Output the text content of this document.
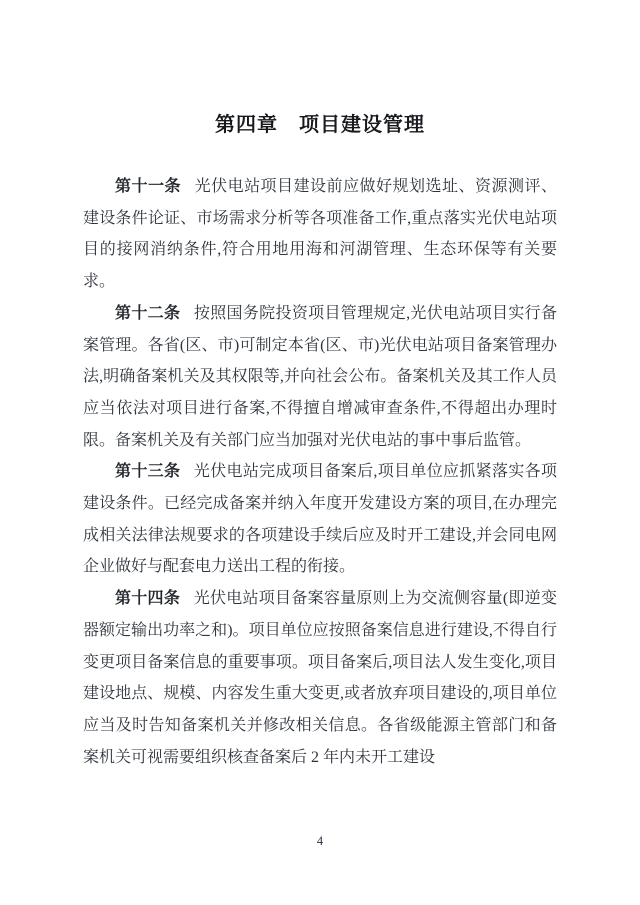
第四章　项目建设管理

第十一条 光伏电站项目建设前应做好规划选址、资源测评、建设条件论证、市场需求分析等各项准备工作,重点落实光伏电站项目的接网消纳条件,符合用地用海和河湖管理、生态环保等有关要求。

第十二条 按照国务院投资项目管理规定,光伏电站项目实行备案管理。各省(区、市)可制定本省(区、市)光伏电站项目备案管理办法,明确备案机关及其权限等,并向社会公布。备案机关及其工作人员应当依法对项目进行备案,不得擅自增减审查条件,不得超出办理时限。备案机关及有关部门应当加强对光伏电站的事中事后监管。

第十三条 光伏电站完成项目备案后,项目单位应抓紧落实各项建设条件。已经完成备案并纳入年度开发建设方案的项目,在办理完成相关法律法规要求的各项建设手续后应及时开工建设,并会同电网企业做好与配套电力送出工程的衔接。

第十四条 光伏电站项目备案容量原则上为交流侧容量(即逆变器额定输出功率之和)。项目单位应按照备案信息进行建设,不得自行变更项目备案信息的重要事项。项目备案后,项目法人发生变化,项目建设地点、规模、内容发生重大变更,或者放弃项目建设的,项目单位应当及时告知备案机关并修改相关信息。各省级能源主管部门和备案机关可视需要组织核查备案后 2 年内未开工建设

4
